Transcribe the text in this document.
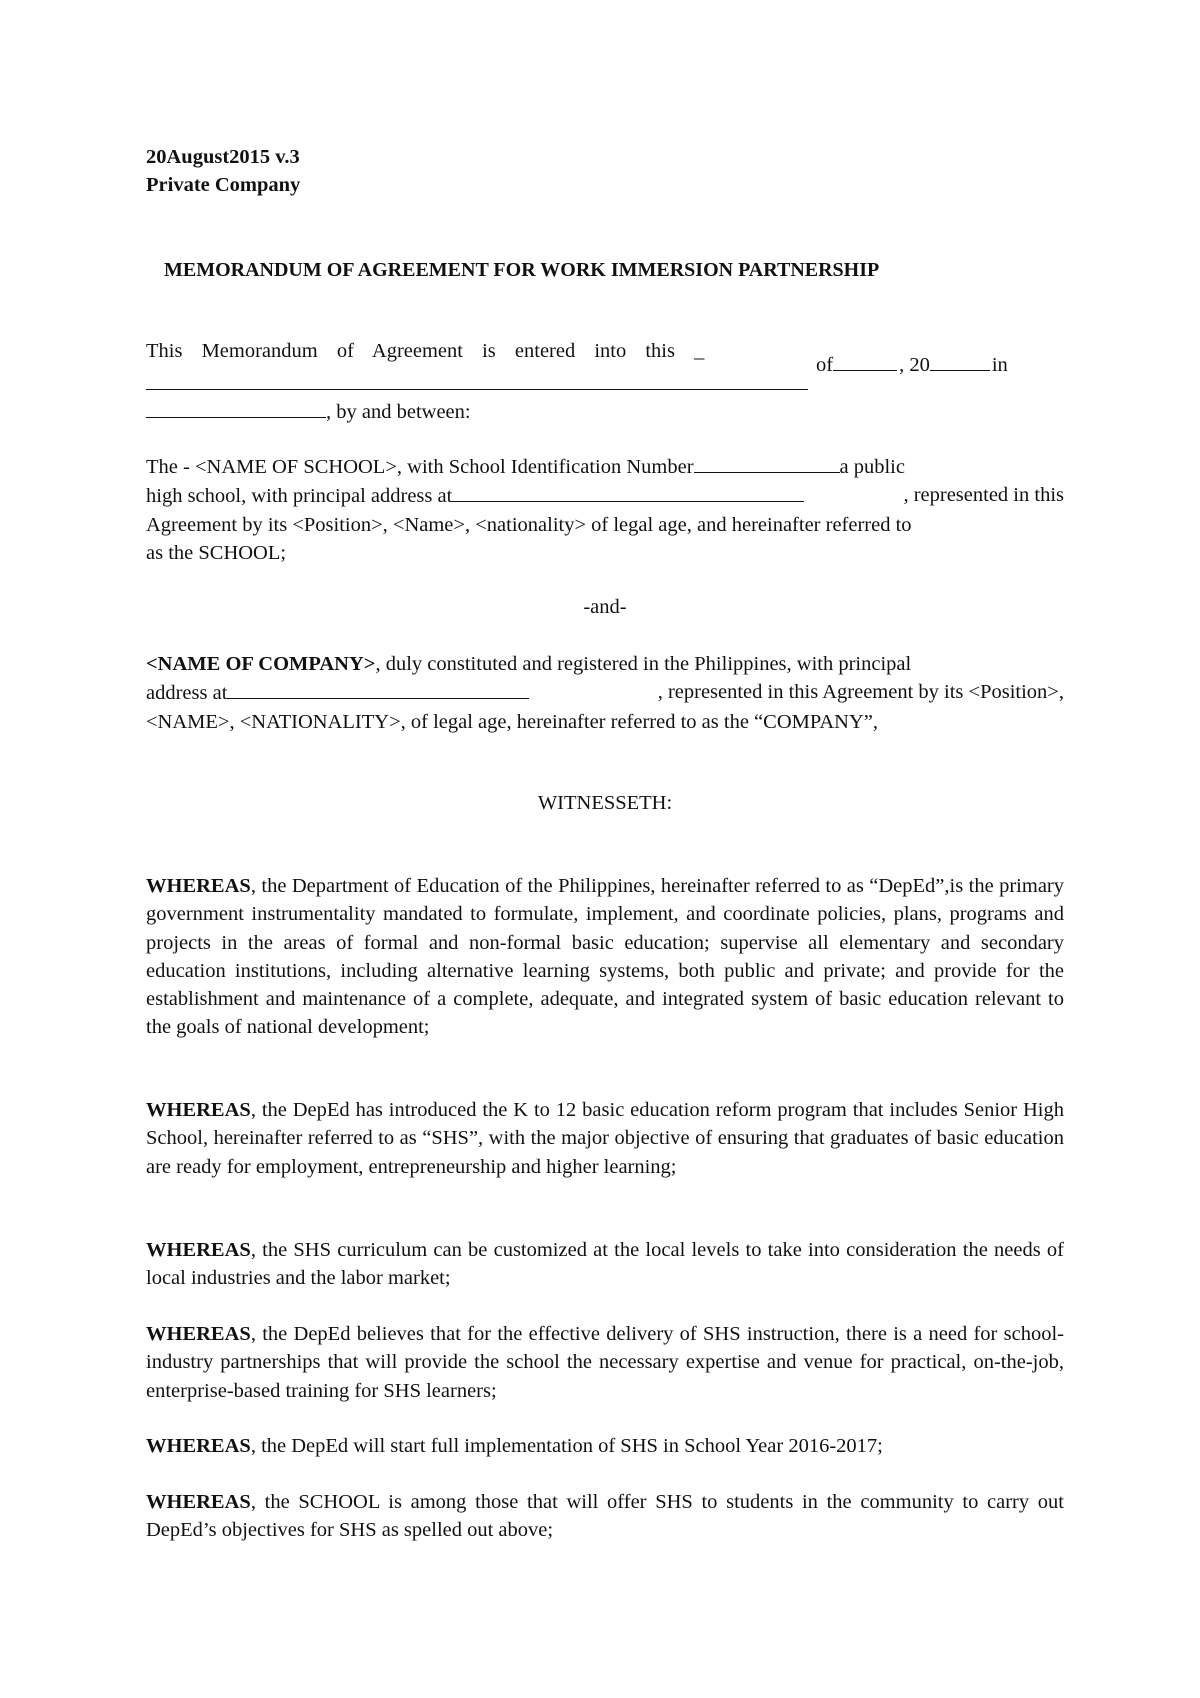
20August2015 v.3
Private Company
MEMORANDUM OF AGREEMENT FOR WORK IMMERSION PARTNERSHIP
This Memorandum of Agreement is entered into this _
of	, 20	in
, by and between:
The - <NAME OF SCHOOL>, with School Identification Number	a public
high school, with principal address at	, represented in this
Agreement by its <Position>, <Name>, <nationality> of legal age, and hereinafter referred to
as the SCHOOL;
-and-
<NAME OF COMPANY>, duly constituted and registered in the Philippines, with principal
address at	, represented in this Agreement by its <Position>,
<NAME>, <NATIONALITY>, of legal age, hereinafter referred to as the “COMPANY”,
WITNESSETH:
WHEREAS, the Department of Education of the Philippines, hereinafter referred to as “DepEd”,is the primary government instrumentality mandated to formulate, implement, and coordinate policies, plans, programs and projects in the areas of formal and non-formal basic education; supervise all elementary and secondary education institutions, including alternative learning systems, both public and private; and provide for the establishment and maintenance of a complete, adequate, and integrated system of basic education relevant to the goals of national development;
WHEREAS, the DepEd has introduced the K to 12 basic education reform program that includes Senior High School, hereinafter referred to as “SHS”, with the major objective of ensuring that graduates of basic education are ready for employment, entrepreneurship and higher learning;
WHEREAS, the SHS curriculum can be customized at the local levels to take into consideration the needs of local industries and the labor market;
WHEREAS, the DepEd believes that for the effective delivery of SHS instruction, there is a need for school-industry partnerships that will provide the school the necessary expertise and venue for practical, on-the-job, enterprise-based training for SHS learners;
WHEREAS, the DepEd will start full implementation of SHS in School Year 2016-2017;
WHEREAS, the SCHOOL is among those that will offer SHS to students in the community to carry out DepEd’s objectives for SHS as spelled out above;
